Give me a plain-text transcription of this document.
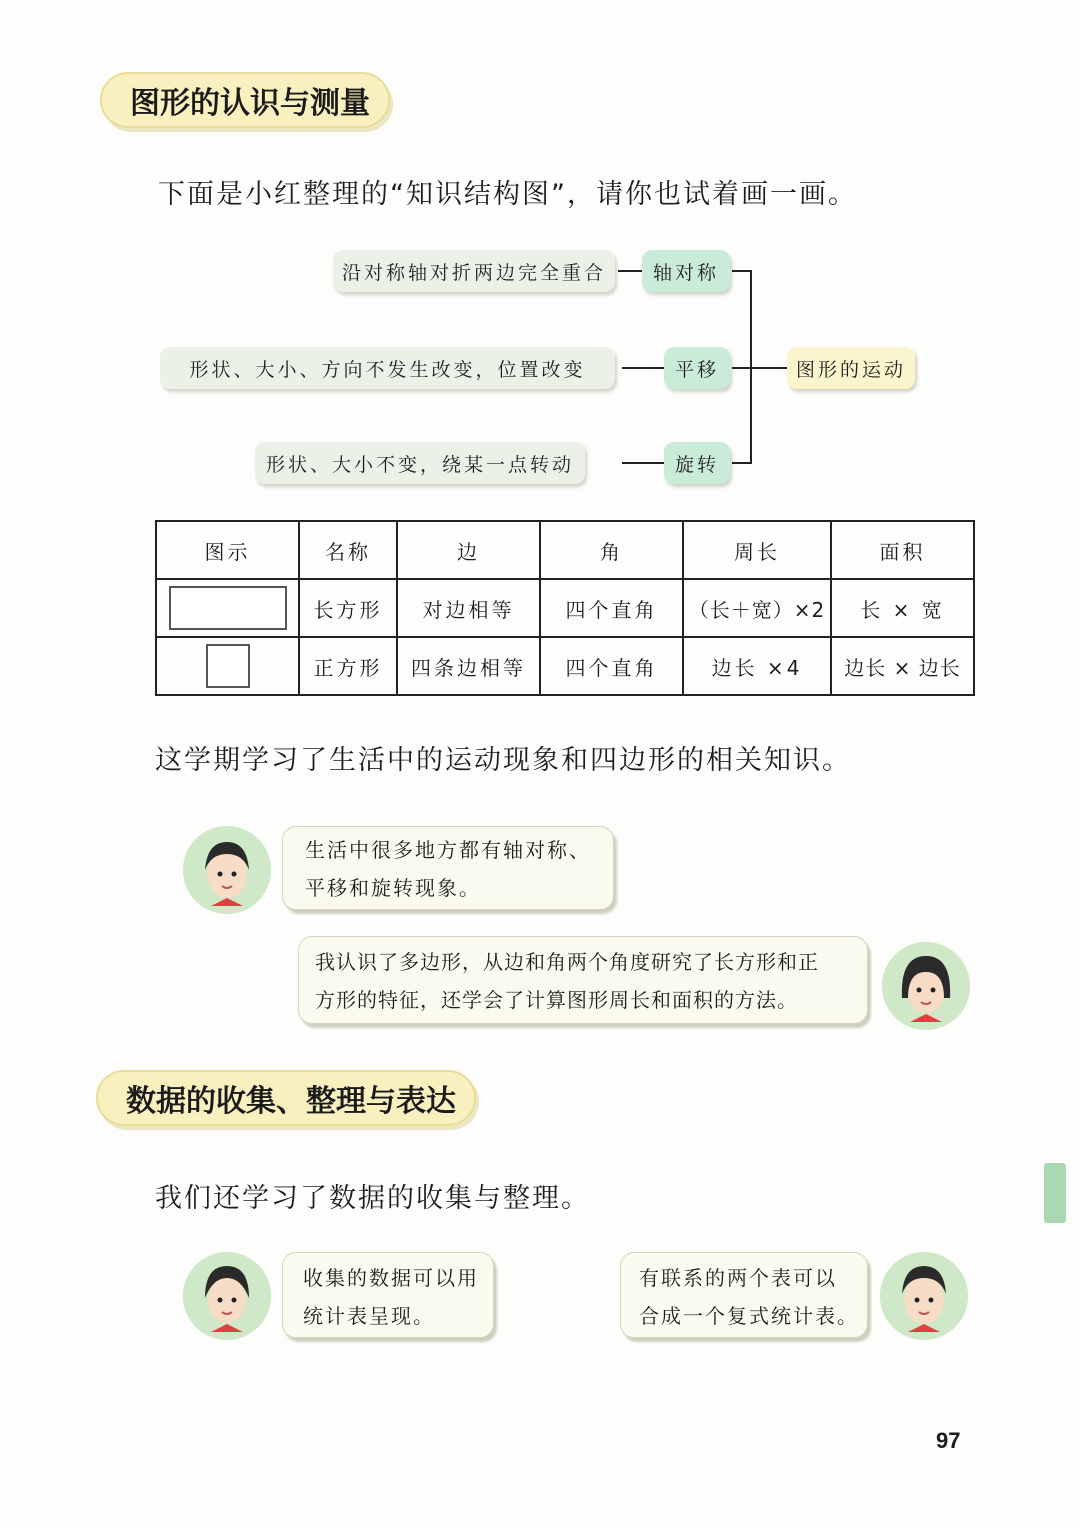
图形的认识与测量
下面是小红整理的“知识结构图”，请你也试着画一画。
沿对称轴对折两边完全重合
形状、大小、方向不发生改变，位置改变
形状、大小不变，绕某一点转动
轴对称
平移
旋转
图形的运动
图示	名称	边	角	周长	面积

	长方形	对边相等	四个直角	（长＋宽）×2	长 × 宽

	正方形	四条边相等	四个直角	边长 ×4	边长 × 边长
这学期学习了生活中的运动现象和四边形的相关知识。
生活中很多地方都有轴对称、
平移和旋转现象。
我认识了多边形，从边和角两个角度研究了长方形和正
方形的特征，还学会了计算图形周长和面积的方法。
数据的收集、整理与表达
我们还学习了数据的收集与整理。
收集的数据可以用
统计表呈现。
有联系的两个表可以
合成一个复式统计表。
97
